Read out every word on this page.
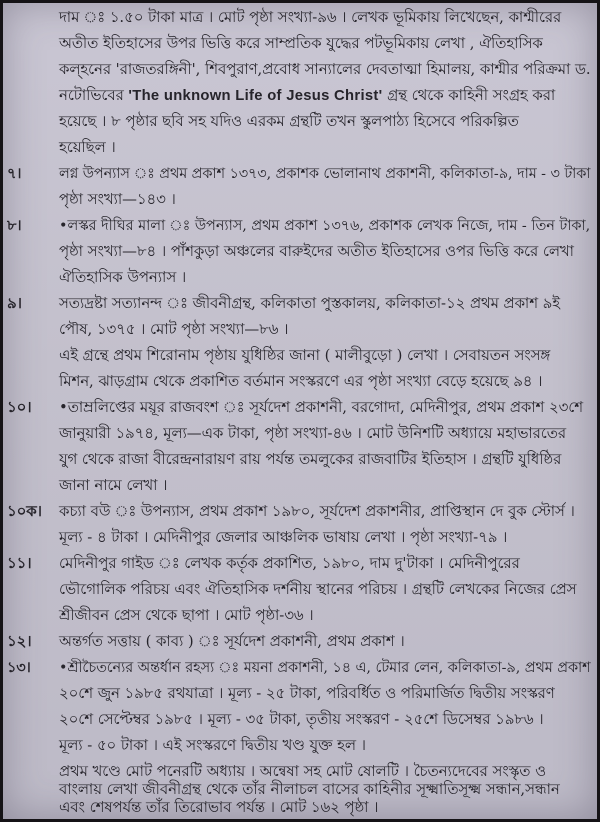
দাম ঃ ১.৫০ টাকা মাত্র । মোট পৃষ্ঠা সংখ্যা-৯৬ । লেখক ভূমিকায় লিখেছেন, কাশ্মীরের
অতীত ইতিহাসের উপর ভিত্তি করে সাম্প্রতিক যুদ্ধের পটভূমিকায় লেখা , ঐতিহাসিক
কল্হনের 'রাজতরঙ্গিনী', শিবপুরাণ,প্রবোধ সান্যালের দেবতাত্মা হিমালয়, কাশ্মীর পরিক্রমা ড.
নটোভিবের 'The unknown Life of Jesus Christ' গ্রন্থ থেকে কাহিনী সংগ্রহ করা
হয়েছে । ৮ পৃষ্ঠার ছবি সহ যদিও এরকম গ্রন্থটি তখন স্কুলপাঠ্য হিসেবে পরিকল্পিত
হয়েছিল ।
৭।	লগ্ন উপন্যাস ঃ প্রথম প্রকাশ ১৩৭৩, প্রকাশক ভোলানাথ প্রকাশনী, কলিকাতা-৯, দাম - ৩ টাকা
পৃষ্ঠা সংখ্যা—১৪৩ ।
৮।	•লস্কর দীঘির মালা ঃ উপন্যাস, প্রথম প্রকাশ ১৩৭৬, প্রকাশক লেখক নিজে, দাম - তিন টাকা,
পৃষ্ঠা সংখ্যা—৮৪ । পাঁশকুড়া অঞ্চলের বারুইদের অতীত ইতিহাসের ওপর ভিত্তি করে লেখা
ঐতিহাসিক উপন্যাস ।
৯।	সত্যদ্রষ্টা সত্যানন্দ ঃ জীবনীগ্রন্থ, কলিকাতা পুস্তকালয়, কলিকাতা-১২ প্রথম প্রকাশ ৯ই
পৌষ, ১৩৭৫ । মোট পৃষ্ঠা সংখ্যা—৮৬ ।
এই গ্রন্থে প্রথম শিরোনাম পৃষ্ঠায় যুধিষ্ঠির জানা ( মালীবুড়ো ) লেখা । সেবায়তন সংসঙ্গ
মিশন, ঝাড়গ্রাম থেকে প্রকাশিত বর্তমান সংস্করণে এর পৃষ্ঠা সংখ্যা বেড়ে হয়েছে ৯৪ ।
১০। •তাম্রলিপ্তের ময়ূর রাজবংশ ঃ সূর্যদেশ প্রকাশনী, বরগোদা, মেদিনীপুর, প্রথম প্রকাশ ২৩শে
জানুয়ারী ১৯৭৪, মূল্য—এক টাকা, পৃষ্ঠা সংখ্যা-৪৬ । মোট উনিশটি অধ্যায়ে মহাভারতের
যুগ থেকে রাজা বীরেন্দ্রনারায়ণ রায় পর্যন্ত তমলুকের রাজবাটির ইতিহাস । গ্রন্থটি যুধিষ্ঠির
জানা নামে লেখা ।
১০ক। কচ্যা বউ ঃ উপন্যাস, প্রথম প্রকাশ ১৯৮০, সূর্যদেশ প্রকাশনীর, প্রাপ্তিস্থান দে বুক স্টোর্স ।
মূল্য - ৪ টাকা । মেদিনীপুর জেলার আঞ্চলিক ভাষায় লেখা । পৃষ্ঠা সংখ্যা-৭৯ ।
১১। মেদিনীপুর গাইড ঃ লেখক কর্তৃক প্রকাশিত, ১৯৮০, দাম দু'টাকা । মেদিনীপুরের
ভৌগোলিক পরিচয় এবং ঐতিহাসিক দর্শনীয় স্থানের পরিচয় । গ্রন্থটি লেখকের নিজের প্রেস
শ্রীজীবন প্রেস থেকে ছাপা । মোট পৃষ্ঠা-৩৬ ।
১২। অন্তর্গত সত্তায় ( কাব্য ) ঃ সূর্যদেশ প্রকাশনী, প্রথম প্রকাশ ।
১৩। •শ্রীচৈতন্যের অন্তর্ধান রহস্য ঃ ময়না প্রকাশনী, ১৪ এ, টেমার লেন, কলিকাতা-৯, প্রথম প্রকাশ
২০শে জুন ১৯৮৫ রথযাত্রা । মূল্য - ২৫ টাকা, পরিবর্ধিত ও পরিমার্জিত দ্বিতীয় সংস্করণ
২০শে সেপ্টেম্বর ১৯৮৫ । মূল্য - ৩৫ টাকা, তৃতীয় সংস্করণ - ২৫শে ডিসেম্বর ১৯৮৬ ।
মূল্য - ৫০ টাকা । এই সংস্করণে দ্বিতীয় খণ্ড যুক্ত হল ।
প্রথম খণ্ডে মোট পনেরটি অধ্যায় । অন্বেষা সহ মোট ষোলটি । চৈতন্যদেবের সংস্কৃত ও
বাংলায় লেখা জীবনীগ্রন্থ থেকে তাঁর নীলাচল বাসের কাহিনীর সূক্ষ্মাতিসূক্ষ্ম সন্ধান,সন্ধান
এবং শেষপর্যন্ত তাঁর তিরোভাব পর্যন্ত । মোট ১৬২ পৃষ্ঠা ।
